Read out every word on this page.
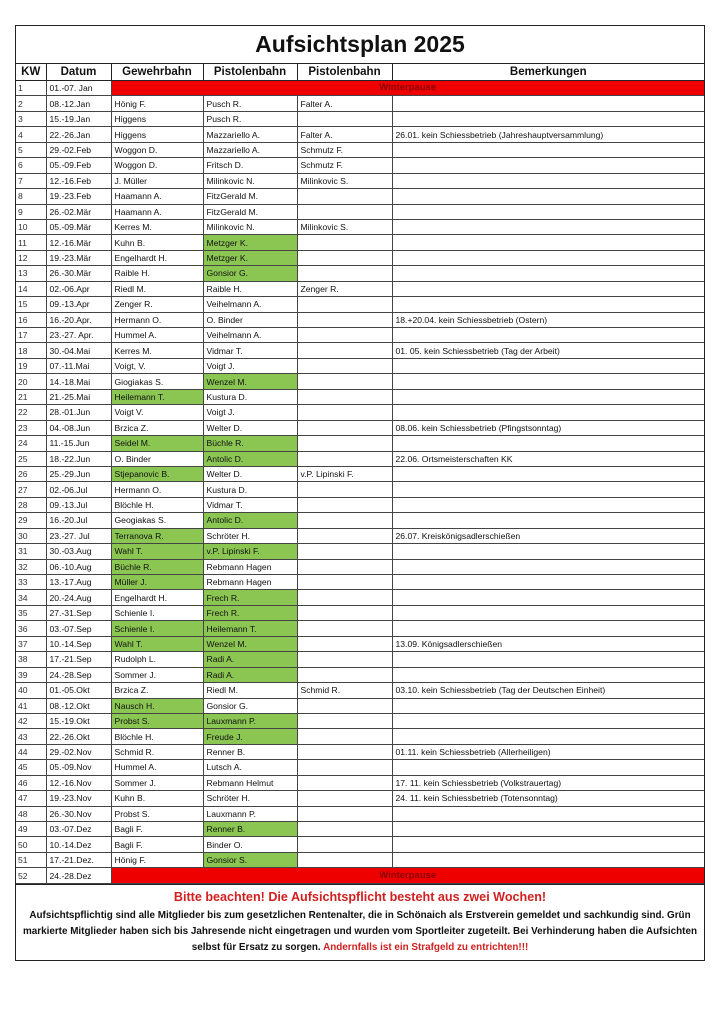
Aufsichtsplan 2025
KW	Datum	Gewehrbahn	Pistolenbahn	Pistolenbahn	Bemerkungen
1	01.-07. Jan	Winterpause			
2	08.-12.Jan	Hönig F.	Pusch R.	Falter A.	
3	15.-19.Jan	Higgens	Pusch R.		
4	22.-26.Jan	Higgens	Mazzariello A.	Falter A.	26.01. kein Schiessbetrieb (Jahreshauptversammlung)
5	29.-02.Feb	Woggon D.	Mazzariello A.	Schmutz F.	
6	05.-09.Feb	Woggon D.	Fritsch D.	Schmutz F.	
7	12.-16.Feb	J. Müller	Milinkovic N.	Milinkovic S.	
8	19.-23.Feb	Haamann A.	FitzGerald M.		
9	26.-02.Mär	Haamann A.	FitzGerald M.		
10	05.-09.Mär	Kerres M.	Milinkovic N.	Milinkovic S.	
11	12.-16.Mär	Kuhn B.	Metzger K.		
12	19.-23.Mär	Engelhardt H.	Metzger K.		
13	26.-30.Mär	Raible H.	Gonsior G.		
14	02.-06.Apr	Riedl M.	Raible H.	Zenger R.	
15	09.-13.Apr	Zenger R.	Veihelmann A.		
16	16.-20.Apr.	Hermann O.	O. Binder		18.+20.04. kein Schiessbetrieb (Ostern)
17	23.-27. Apr.	Hummel A.	Veihelmann A.		
18	30.-04.Mai	Kerres M.	Vidmar T.		01. 05. kein Schiessbetrieb (Tag der Arbeit)
19	07.-11.Mai	Voigt, V.	Voigt J.		
20	14.-18.Mai	Giogiakas S.	Wenzel M.		
21	21.-25.Mai	Heilemann T.	Kustura D.		
22	28.-01.Jun	Voigt V.	Voigt J.		
23	04.-08.Jun	Brzica Z.	Welter D.		08.06. kein Schiessbetrieb (Pfingstsonntag)
24	11.-15.Jun	Seidel M.	Büchle R.		
25	18.-22.Jun	O. Binder	Antolic D.		22.06. Ortsmeisterschaften KK
26	25.-29.Jun	Stjepanovic B.	Welter D.	v.P. Lipinski F.	
27	02.-06.Jul	Hermann O.	Kustura D.		
28	09.-13.Jul	Blöchle H.	Vidmar T.		
29	16.-20.Jul	Geogiakas S.	Antolic D.		
30	23.-27. Jul	Terranova R.	Schröter H.		26.07. Kreiskönigsadlerschießen
31	30.-03.Aug	Wahl T.	v.P. Lipinski F.		
32	06.-10.Aug	Büchle R.	Rebmann Hagen		
33	13.-17.Aug	Müller J.	Rebmann Hagen		
34	20.-24.Aug	Engelhardt H.	Frech R.		
35	27.-31.Sep	Schienle I.	Frech R.		
36	03.-07.Sep	Schienle I.	Heilemann T.		
37	10.-14.Sep	Wahl T.	Wenzel M.		13.09. Königsadlerschießen
38	17.-21.Sep	Rudolph L.	Radi A.		
39	24.-28.Sep	Sommer J.	Radi A.		
40	01.-05.Okt	Brzica Z.	Riedl M.	Schmid R.	03.10. kein Schiessbetrieb (Tag der Deutschen Einheit)
41	08.-12.Okt	Nausch H.	Gonsior G.		
42	15.-19.Okt	Probst S.	Lauxmann P.		
43	22.-26.Okt	Blöchle H.	Freude J.		
44	29.-02.Nov	Schmid R.	Renner B.		01.11. kein Schiessbetrieb (Allerheiligen)
45	05.-09.Nov	Hummel A.	Lutsch A.		
46	12.-16.Nov	Sommer J.	Rebmann Helmut		17. 11. kein Schiessbetrieb (Volkstrauertag)
47	19.-23.Nov	Kuhn B.	Schröter H.		24. 11. kein Schiessbetrieb (Totensonntag)
48	26.-30.Nov	Probst S.	Lauxmann P.		
49	03.-07.Dez	Bagli F.	Renner B.		
50	10.-14.Dez	Bagli F.	Binder O.		
51	17.-21.Dez.	Hönig F.	Gonsior S.		
52	24.-28.Dez	Winterpause			
Bitte beachten! Die Aufsichtspflicht besteht aus zwei Wochen!
Aufsichtspflichtig sind alle Mitglieder bis zum gesetzlichen Rentenalter, die in Schönaich als Erstverein gemeldet und sachkundig sind. Grün markierte Mitglieder haben sich bis Jahresende nicht eingetragen und wurden vom Sportleiter zugeteilt. Bei Verhinderung haben die Aufsichten selbst für Ersatz zu sorgen. Andernfalls ist ein Strafgeld zu entrichten!!!
